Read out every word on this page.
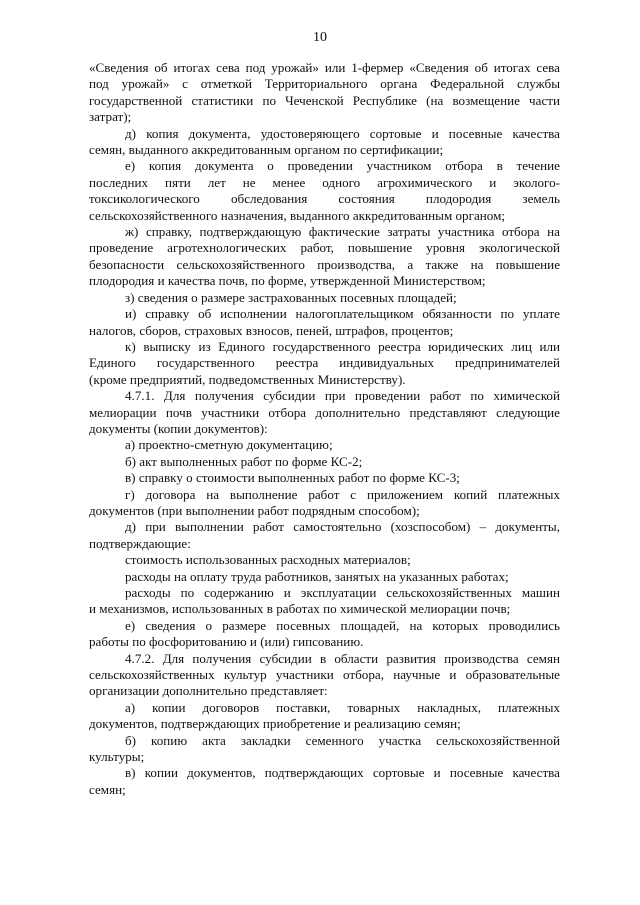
10

«Сведения об итогах сева под урожай» или 1-фермер «Сведения об итогах сева
под урожай» с отметкой Территориального органа Федеральной службы
государственной статистики по Чеченской Республике (на возмещение части
затрат);

д) копия документа, удостоверяющего сортовые и посевные качества
семян, выданного аккредитованным органом по сертификации;

е) копия документа о проведении участником отбора в течение
последних пяти лет не менее одного агрохимического и эколого-
токсикологического обследования состояния плодородия земель
сельскохозяйственного назначения, выданного аккредитованным органом;

ж) справку, подтверждающую фактические затраты участника отбора на
проведение агротехнологических работ, повышение уровня экологической
безопасности сельскохозяйственного производства, а также на повышение
плодородия и качества почв, по форме, утвержденной Министерством;

з) сведения о размере застрахованных посевных площадей;

и) справку об исполнении налогоплательщиком обязанности по уплате
налогов, сборов, страховых взносов, пеней, штрафов, процентов;

к) выписку из Единого государственного реестра юридических лиц или
Единого государственного реестра индивидуальных предпринимателей
(кроме предприятий, подведомственных Министерству).

4.7.1. Для получения субсидии при проведении работ по химической
мелиорации почв участники отбора дополнительно представляют следующие
документы (копии документов):

а) проектно-сметную документацию;

б) акт выполненных работ по форме КС-2;

в) справку о стоимости выполненных работ по форме КС-3;

г) договора на выполнение работ с приложением копий платежных
документов (при выполнении работ подрядным способом);

д) при выполнении работ самостоятельно (хозспособом) – документы,
подтверждающие:

стоимость использованных расходных материалов;

расходы на оплату труда работников, занятых на указанных работах;

расходы по содержанию и эксплуатации сельскохозяйственных машин
и механизмов, использованных в работах по химической мелиорации почв;

е) сведения о размере посевных площадей, на которых проводились
работы по фосфоритованию и (или) гипсованию.

4.7.2. Для получения субсидии в области развития производства семян
сельскохозяйственных культур участники отбора, научные и образовательные
организации дополнительно представляет:

а) копии договоров поставки, товарных накладных, платежных
документов, подтверждающих приобретение и реализацию семян;

б) копию акта закладки семенного участка сельскохозяйственной
культуры;

в) копии документов, подтверждающих сортовые и посевные качества
семян;
